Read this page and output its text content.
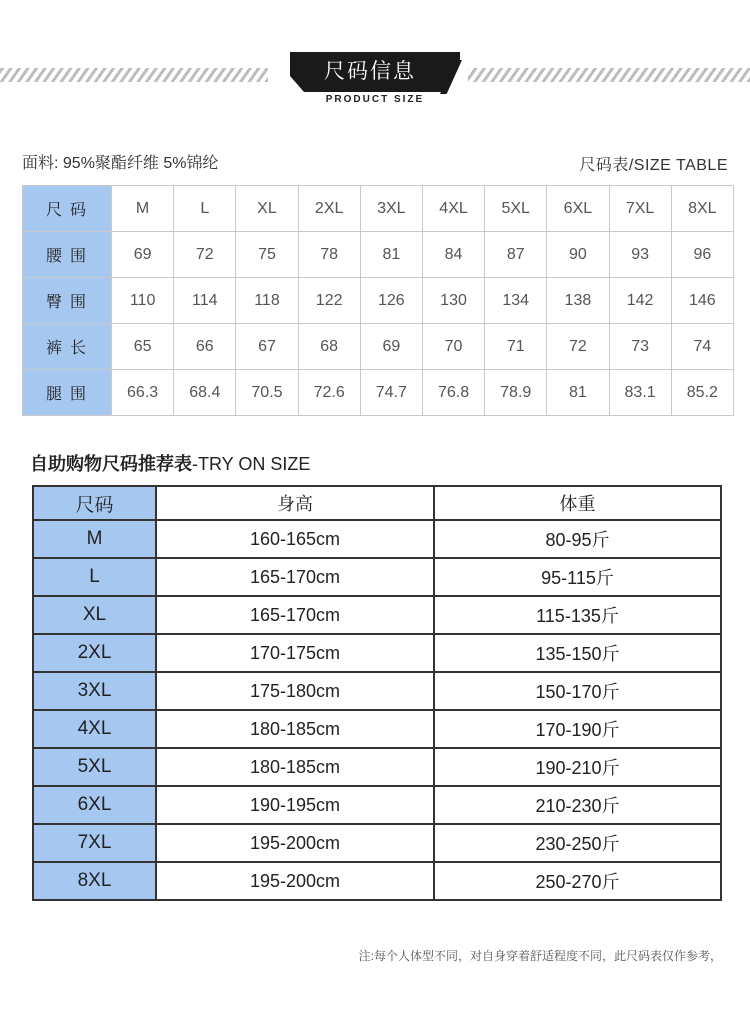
尺码信息
PRODUCT SIZE
面料: 95%聚酯纤维 5%锦纶	尺码表/SIZE TABLE
尺码	M	L	XL	2XL	3XL	4XL	5XL	6XL	7XL	8XL
腰围	69	72	75	78	81	84	87	90	93	96
臀围	110	114	118	122	126	130	134	138	142	146
裤长	65	66	67	68	69	70	71	72	73	74
腿围	66.3	68.4	70.5	72.6	74.7	76.8	78.9	81	83.1	85.2
自助购物尺码推荐表-TRY ON SIZE
尺码	身高	体重
M	160-165cm	80-95斤
L	165-170cm	95-115斤
XL	165-170cm	115-135斤
2XL	170-175cm	135-150斤
3XL	175-180cm	150-170斤
4XL	180-185cm	170-190斤
5XL	180-185cm	190-210斤
6XL	190-195cm	210-230斤
7XL	195-200cm	230-250斤
8XL	195-200cm	250-270斤
注:每个人体型不同，对自身穿着舒适程度不同，此尺码表仅作参考，
